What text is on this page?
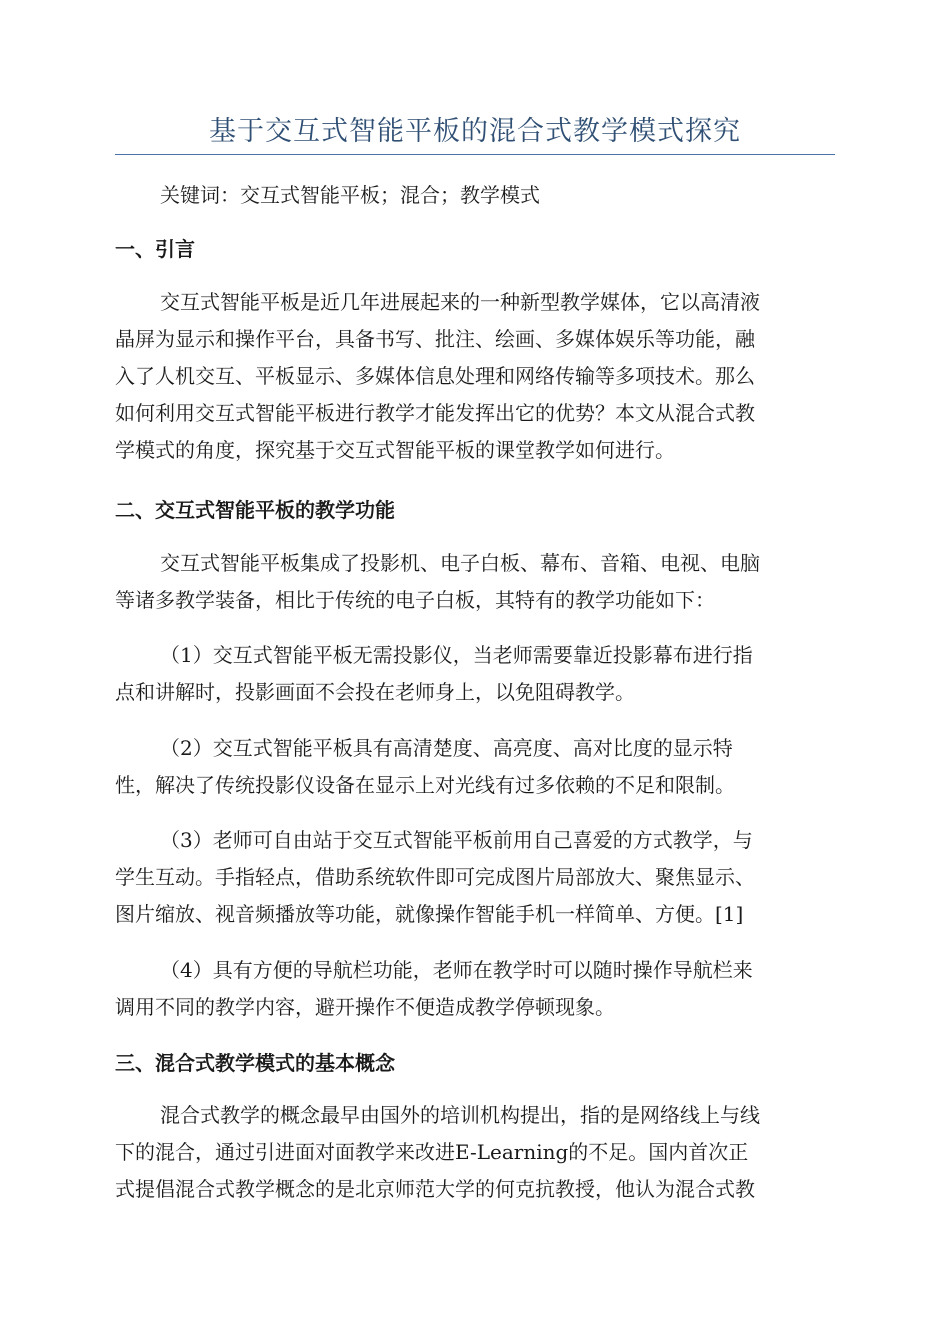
基于交互式智能平板的混合式教学模式探究
关键词：交互式智能平板；混合；教学模式
一、引言
交互式智能平板是近几年进展起来的一种新型教学媒体，它以高清液
晶屏为显示和操作平台，具备书写、批注、绘画、多媒体娱乐等功能，融
入了人机交互、平板显示、多媒体信息处理和网络传输等多项技术。那么
如何利用交互式智能平板进行教学才能发挥出它的优势？本文从混合式教
学模式的角度，探究基于交互式智能平板的课堂教学如何进行。
二、交互式智能平板的教学功能
交互式智能平板集成了投影机、电子白板、幕布、音箱、电视、电脑
等诸多教学装备，相比于传统的电子白板，其特有的教学功能如下：
（1）交互式智能平板无需投影仪，当老师需要靠近投影幕布进行指
点和讲解时，投影画面不会投在老师身上，以免阻碍教学。
（2）交互式智能平板具有高清楚度、高亮度、高对比度的显示特
性，解决了传统投影仪设备在显示上对光线有过多依赖的不足和限制。
（3）老师可自由站于交互式智能平板前用自己喜爱的方式教学，与
学生互动。手指轻点，借助系统软件即可完成图片局部放大、聚焦显示、
图片缩放、视音频播放等功能，就像操作智能手机一样简单、方便。[1]
（4）具有方便的导航栏功能，老师在教学时可以随时操作导航栏来
调用不同的教学内容，避开操作不便造成教学停顿现象。
三、混合式教学模式的基本概念
混合式教学的概念最早由国外的培训机构提出，指的是网络线上与线
下的混合，通过引进面对面教学来改进E-Learning的不足。国内首次正
式提倡混合式教学概念的是北京师范大学的何克抗教授，他认为混合式教
